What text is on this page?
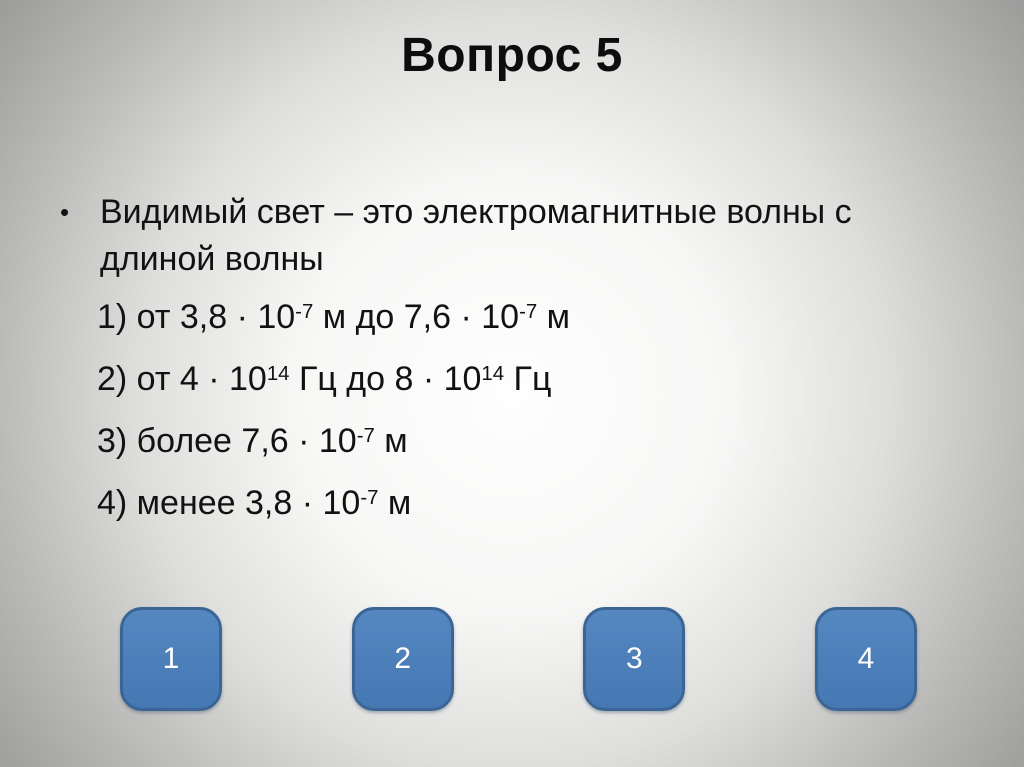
Вопрос 5
• Видимый свет – это электромагнитные волны с
длиной волны
1) от $3,8 \cdot 10^{-7}$ м до $7,6 \cdot 10^{-7}$ м
2) от $4 \cdot 10^{14}$ Гц до $8 \cdot 10^{14}$ Гц
3) более $7,6 \cdot 10^{-7}$ м
4) менее $3,8 \cdot 10^{-7}$ м
1	2	3	4
